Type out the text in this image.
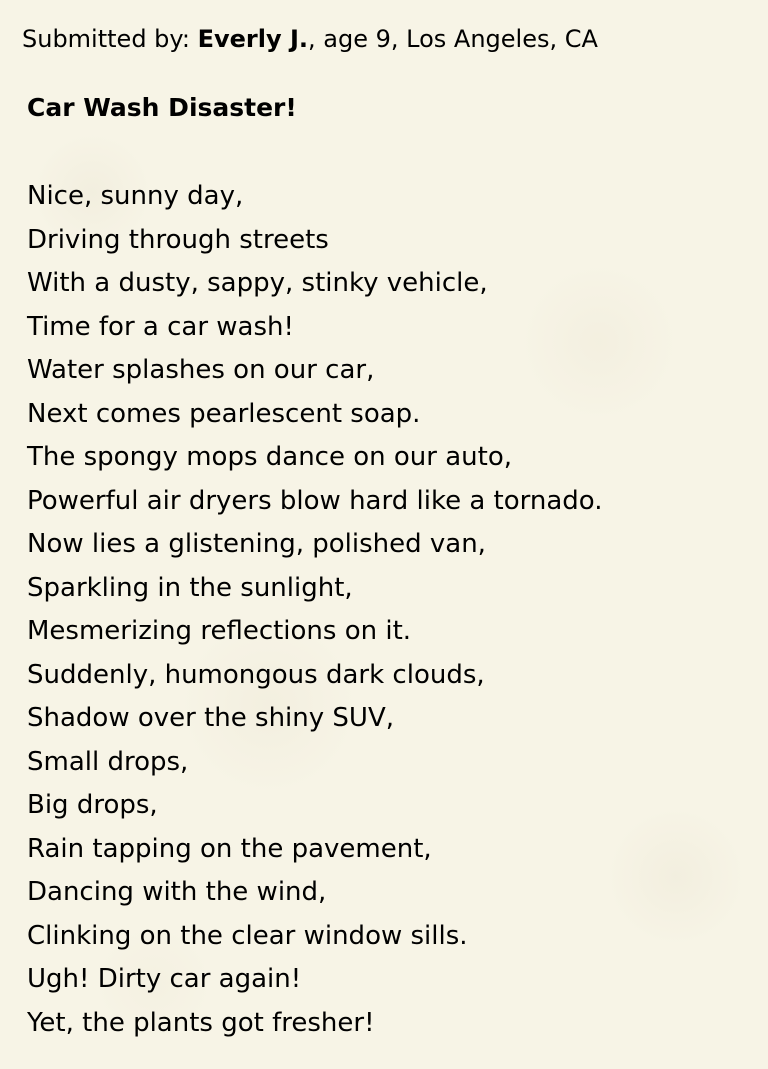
Submitted by: Everly J., age 9, Los Angeles, CA
Car Wash Disaster!
Nice, sunny day,
Driving through streets
With a dusty, sappy, stinky vehicle,
Time for a car wash!
Water splashes on our car,
Next comes pearlescent soap.
The spongy mops dance on our auto,
Powerful air dryers blow hard like a tornado.
Now lies a glistening, polished van,
Sparkling in the sunlight,
Mesmerizing reflections on it.
Suddenly, humongous dark clouds,
Shadow over the shiny SUV,
Small drops,
Big drops,
Rain tapping on the pavement,
Dancing with the wind,
Clinking on the clear window sills.
Ugh! Dirty car again!
Yet, the plants got fresher!
